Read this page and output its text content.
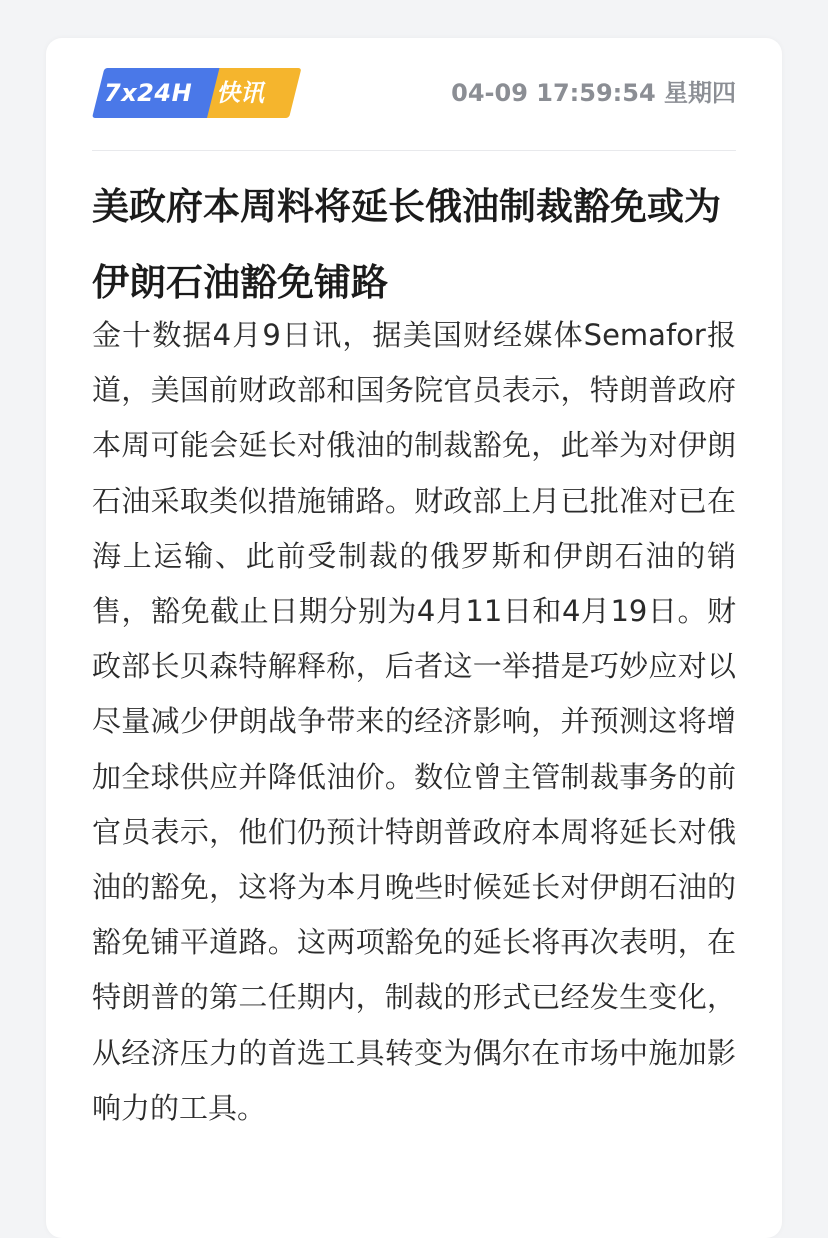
7x24H 快讯	04-09 17:59:54 星期四
美政府本周料将延长俄油制裁豁免或为伊朗石油豁免铺路

金十数据4月9日讯，据美国财经媒体Semafor报道，美国前财政部和国务院官员表示，特朗普政府本周可能会延长对俄油的制裁豁免，此举为对伊朗石油采取类似措施铺路。财政部上月已批准对已在海上运输、此前受制裁的俄罗斯和伊朗石油的销售，豁免截止日期分别为4月11日和4月19日。财政部长贝森特解释称，后者这一举措是巧妙应对以尽量减少伊朗战争带来的经济影响，并预测这将增加全球供应并降低油价。数位曾主管制裁事务的前官员表示，他们仍预计特朗普政府本周将延长对俄油的豁免，这将为本月晚些时候延长对伊朗石油的豁免铺平道路。这两项豁免的延长将再次表明，在特朗普的第二任期内，制裁的形式已经发生变化，从经济压力的首选工具转变为偶尔在市场中施加影响力的工具。
